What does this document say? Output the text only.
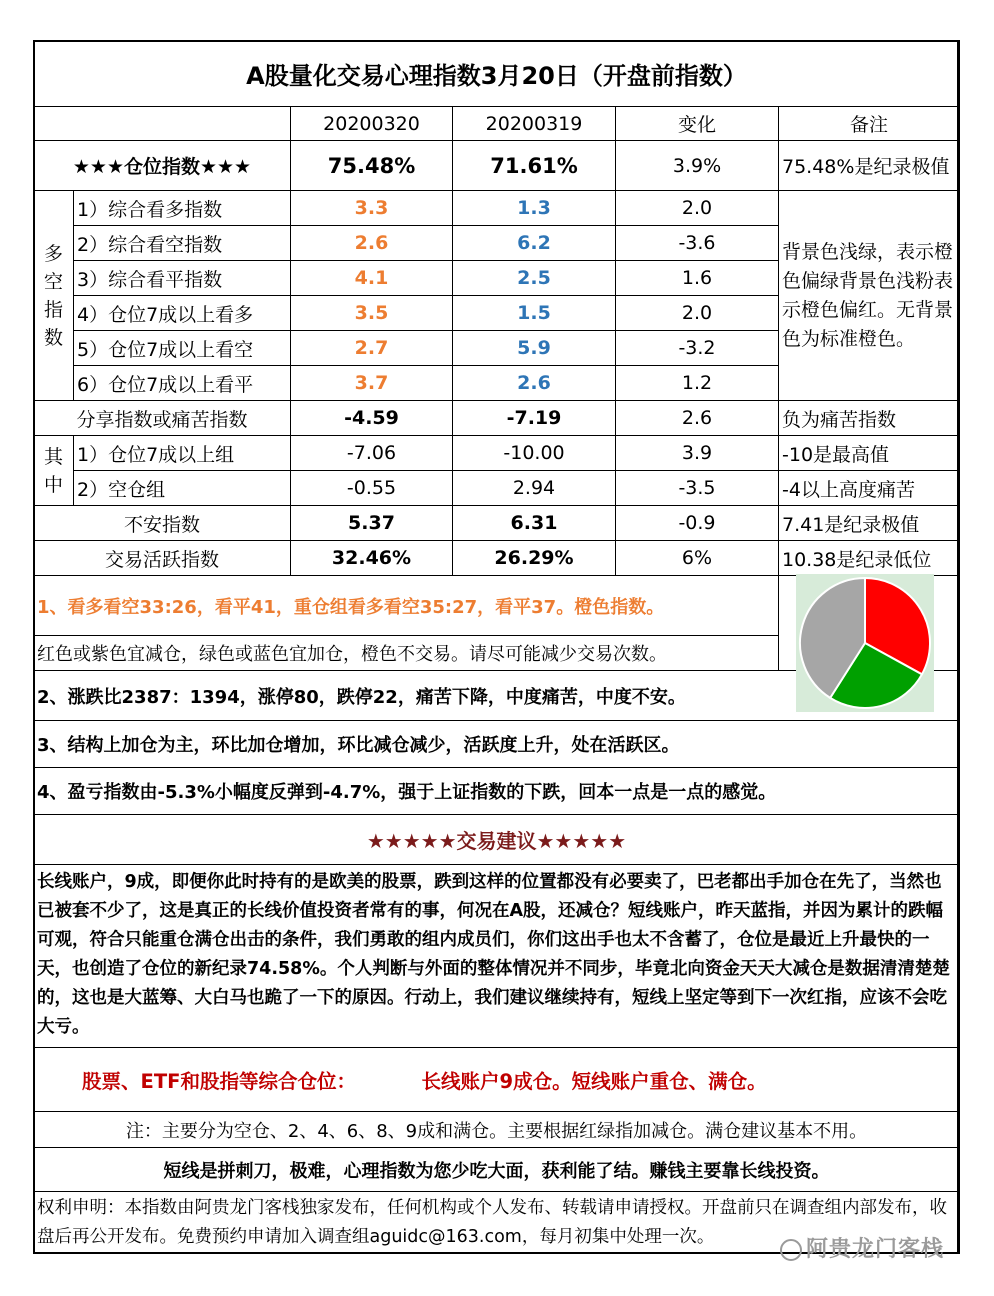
A股量化交易心理指数3月20日（开盘前指数）					
		20200320	20200319	变化	备注
★★★仓位指数★★★		75.48%	71.61%	3.9%	75.48%是纪录极值
多空指数	1）综合看多指数	3.3	1.3	2.0	背景色浅绿，表示橙色偏绿背景色浅粉表示橙色偏红。无背景色为标准橙色。
	2）综合看空指数	2.6	6.2	-3.6	
	3）综合看平指数	4.1	2.5	1.6	
	4）仓位7成以上看多	3.5	1.5	2.0	
	5）仓位7成以上看空	2.7	5.9	-3.2	
	6）仓位7成以上看平	3.7	2.6	1.2	
分享指数或痛苦指数		-4.59	-7.19	2.6	负为痛苦指数
其中	1）仓位7成以上组	-7.06	-10.00	3.9	-10是最高值
	2）空仓组	-0.55	2.94	-3.5	-4以上高度痛苦
不安指数		5.37	6.31	-0.9	7.41是纪录极值
交易活跃指数		32.46%	26.29%	6%	10.38是纪录低位
1、看多看空33:26，看平41，重仓组看多看空35:27，看平37。橙色指数。					
红色或紫色宜减仓，绿色或蓝色宜加仓，橙色不交易。请尽可能减少交易次数。					
2、涨跌比2387：1394，涨停80，跌停22，痛苦下降，中度痛苦，中度不安。					
3、结构上加仓为主，环比加仓增加，环比减仓减少，活跃度上升，处在活跃区。					
4、盈亏指数由-5.3%小幅度反弹到-4.7%，强于上证指数的下跌，回本一点是一点的感觉。					
★★★★★交易建议★★★★★					
长线账户，9成，即便你此时持有的是欧美的股票，跌到这样的位置都没有必要卖了，巴老都出手加仓在先了，当然也已被套不少了，这是真正的长线价值投资者常有的事，何况在A股，还减仓？短线账户，昨天蓝指，并因为累计的跌幅可观，符合只能重仓满仓出击的条件，我们勇敢的组内成员们，你们这出手也太不含蓄了，仓位是最近上升最快的一天，也创造了仓位的新纪录74.58%。个人判断与外面的整体情况并不同步，毕竟北向资金天天大减仓是数据清清楚楚的，这也是大蓝筹、大白马也跪了一下的原因。行动上，我们建议继续持有，短线上坚定等到下一次红指，应该不会吃大亏。					
股票、ETF和股指等综合仓位： 长线账户9成仓。短线账户重仓、满仓。					
注：主要分为空仓、2、4、6、8、9成和满仓。主要根据红绿指加减仓。满仓建议基本不用。					
短线是拼刺刀，极难，心理指数为您少吃大面，获利能了结。赚钱主要靠长线投资。					
权利申明：本指数由阿贵龙门客栈独家发布，任何机构或个人发布、转载请申请授权。开盘前只在调查组内部发布，收盘后再公开发布。免费预约申请加入调查组aguidc@163.com，每月初集中处理一次。					
阿贵龙门客栈
